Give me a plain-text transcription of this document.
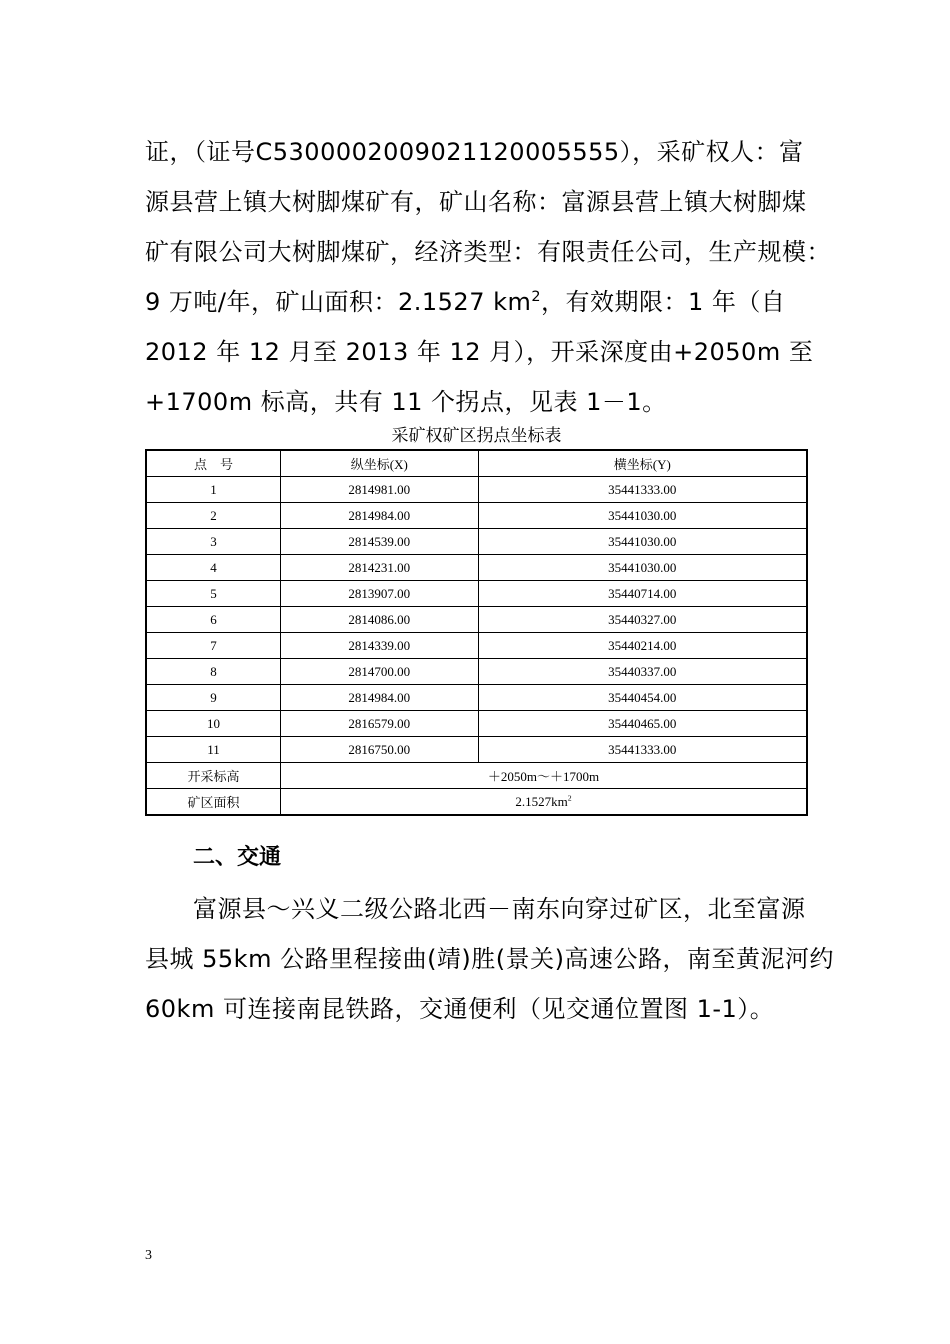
证，（证号C5300002009021120005555），采矿权人：富
源县营上镇大树脚煤矿有，矿山名称：富源县营上镇大树脚煤
矿有限公司大树脚煤矿，经济类型：有限责任公司，生产规模：
9 万吨/年，矿山面积：2.1527 $km^2$，有效期限：1 年（自
2012 年 12 月至 2013 年 12 月），开采深度由+2050m 至
+1700m 标高，共有 11 个拐点，见表 1－1。
采矿权矿区拐点坐标表
点　号	纵坐标(X)	横坐标(Y)
1	2814981.00	35441333.00
2	2814984.00	35441030.00
3	2814539.00	35441030.00
4	2814231.00	35441030.00
5	2813907.00	35440714.00
6	2814086.00	35440327.00
7	2814339.00	35440214.00
8	2814700.00	35440337.00
9	2814984.00	35440454.00
10	2816579.00	35440465.00
11	2816750.00	35441333.00
开采标高	＋2050m～＋1700m	
矿区面积	$2.1527km^2$
二、交通
富源县～兴义二级公路北西－南东向穿过矿区，北至富源
县城 55km 公路里程接曲(靖)胜(景关)高速公路，南至黄泥河约
60km 可连接南昆铁路，交通便利（见交通位置图 1-1）。
3
